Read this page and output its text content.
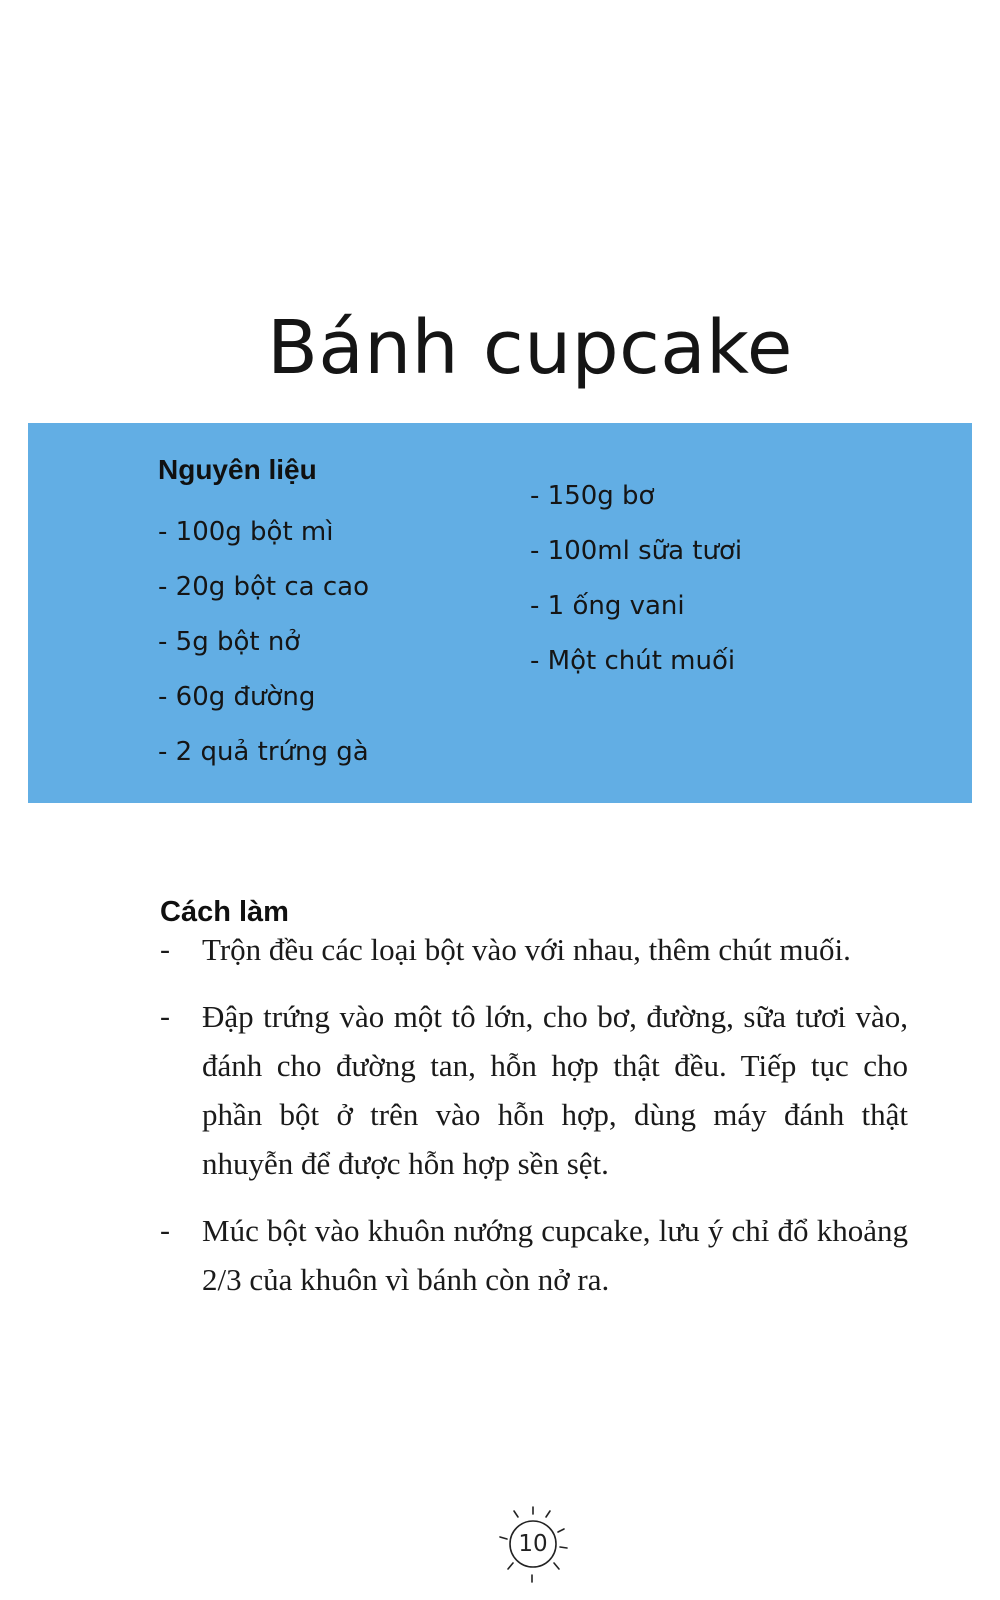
Bánh cupcake
Nguyên liệu
- 100g bột mì
- 20g bột ca cao
- 5g bột nở
- 60g đường
- 2 quả trứng gà
- 150g bơ
- 100ml sữa tươi
- 1 ống vani
- Một chút muối
Cách làm
- Trộn đều các loại bột vào với nhau, thêm chút muối.
- Đập trứng vào một tô lớn, cho bơ, đường, sữa tươi vào, đánh cho đường tan, hỗn hợp thật đều. Tiếp tục cho phần bột ở trên vào hỗn hợp, dùng máy đánh thật nhuyễn để được hỗn hợp sền sệt.
- Múc bột vào khuôn nướng cupcake, lưu ý chỉ đổ khoảng 2/3 của khuôn vì bánh còn nở ra.
10
